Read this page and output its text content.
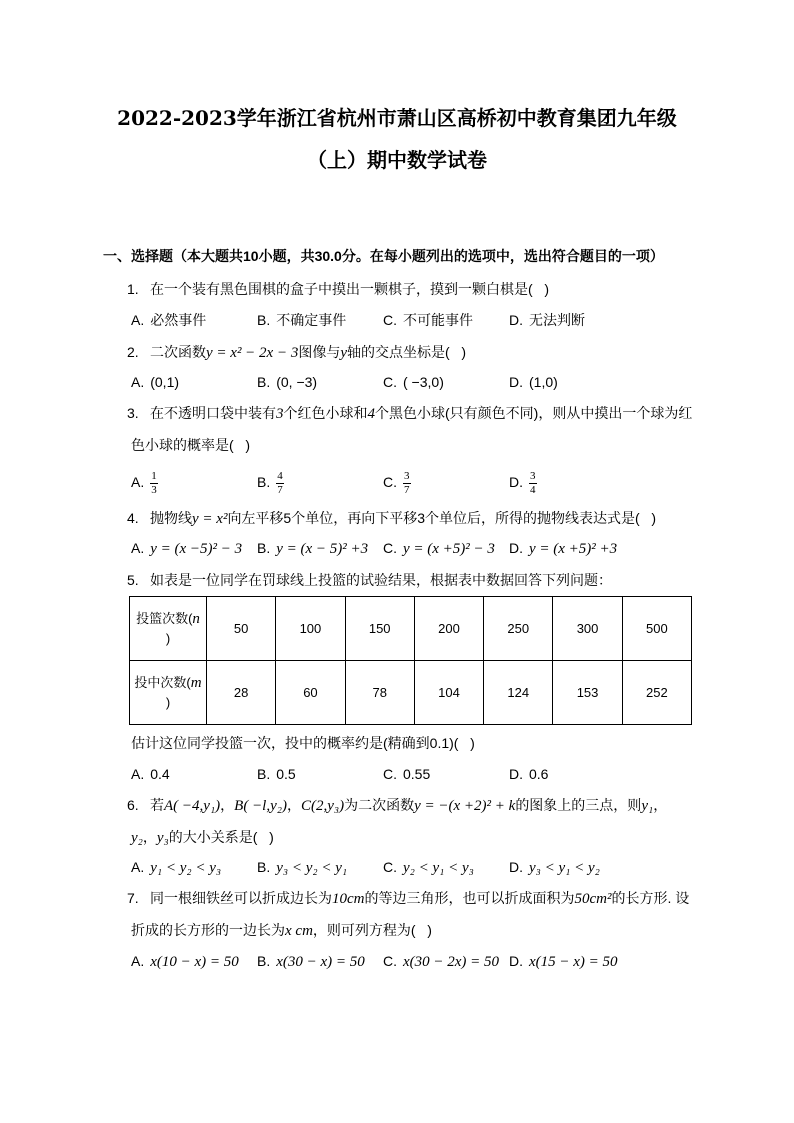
2022-2023学年浙江省杭州市萧山区高桥初中教育集团九年级
（上）期中数学试卷
一、选择题（本大题共10小题，共30.0分。在每小题列出的选项中，选出符合题目的一项）
1. 在一个装有黑色围棋的盒子中摸出一颗棋子，摸到一颗白棋是(   )
A. 必然事件	B. 不确定事件	C. 不可能事件	D. 无法判断
2. 二次函数y = x² − 2x − 3图像与y轴的交点坐标是(   )
A. (0,1)	B. (0, −3)	C. ( −3,0)	D. (1,0)
3. 在不透明口袋中装有3个红色小球和4个黑色小球(只有颜色不同)，则从中摸出一个球为红
色小球的概率是(   )
A. $\frac{1}{3}$	B. $\frac{4}{7}$	C. $\frac{3}{7}$	D. $\frac{3}{4}$
4. 抛物线y = x²向左平移5个单位，再向下平移3个单位后，所得的抛物线表达式是(   )
A. y = (x −5)² − 3 B. y = (x − 5)² +3 C. y = (x +5)² − 3 D. y = (x +5)² +3
5. 如表是一位同学在罚球线上投篮的试验结果，根据表中数据回答下列问题：
投篮次数(n
)	50	100	150	200	250	300	500
投中次数(m
)	28	60	78	104	124	153	252
估计这位同学投篮一次，投中的概率约是(精确到0.1)(   )
A. 0.4	B. 0.5	C. 0.55	D. 0.6
6. 若A( −4,y₁)，B( −l,y₂)，C(2,y₃)为二次函数y = −(x +2)² + k的图象上的三点，则y₁，
y₂，y₃的大小关系是(   )
A. y₁ < y₂ < y₃	B. y₃ < y₂ < y₁	C. y₂ < y₁ < y₃	D. y₃ < y₁ < y₂
7. 同一根细铁丝可以折成边长为10cm的等边三角形，也可以折成面积为50cm²的长方形. 设
折成的长方形的一边长为x cm，则可列方程为(   )
A. x(10 − x) = 50 B. x(30 − x) = 50 C. x(30 − 2x) = 50 D. x(15 − x) = 50
